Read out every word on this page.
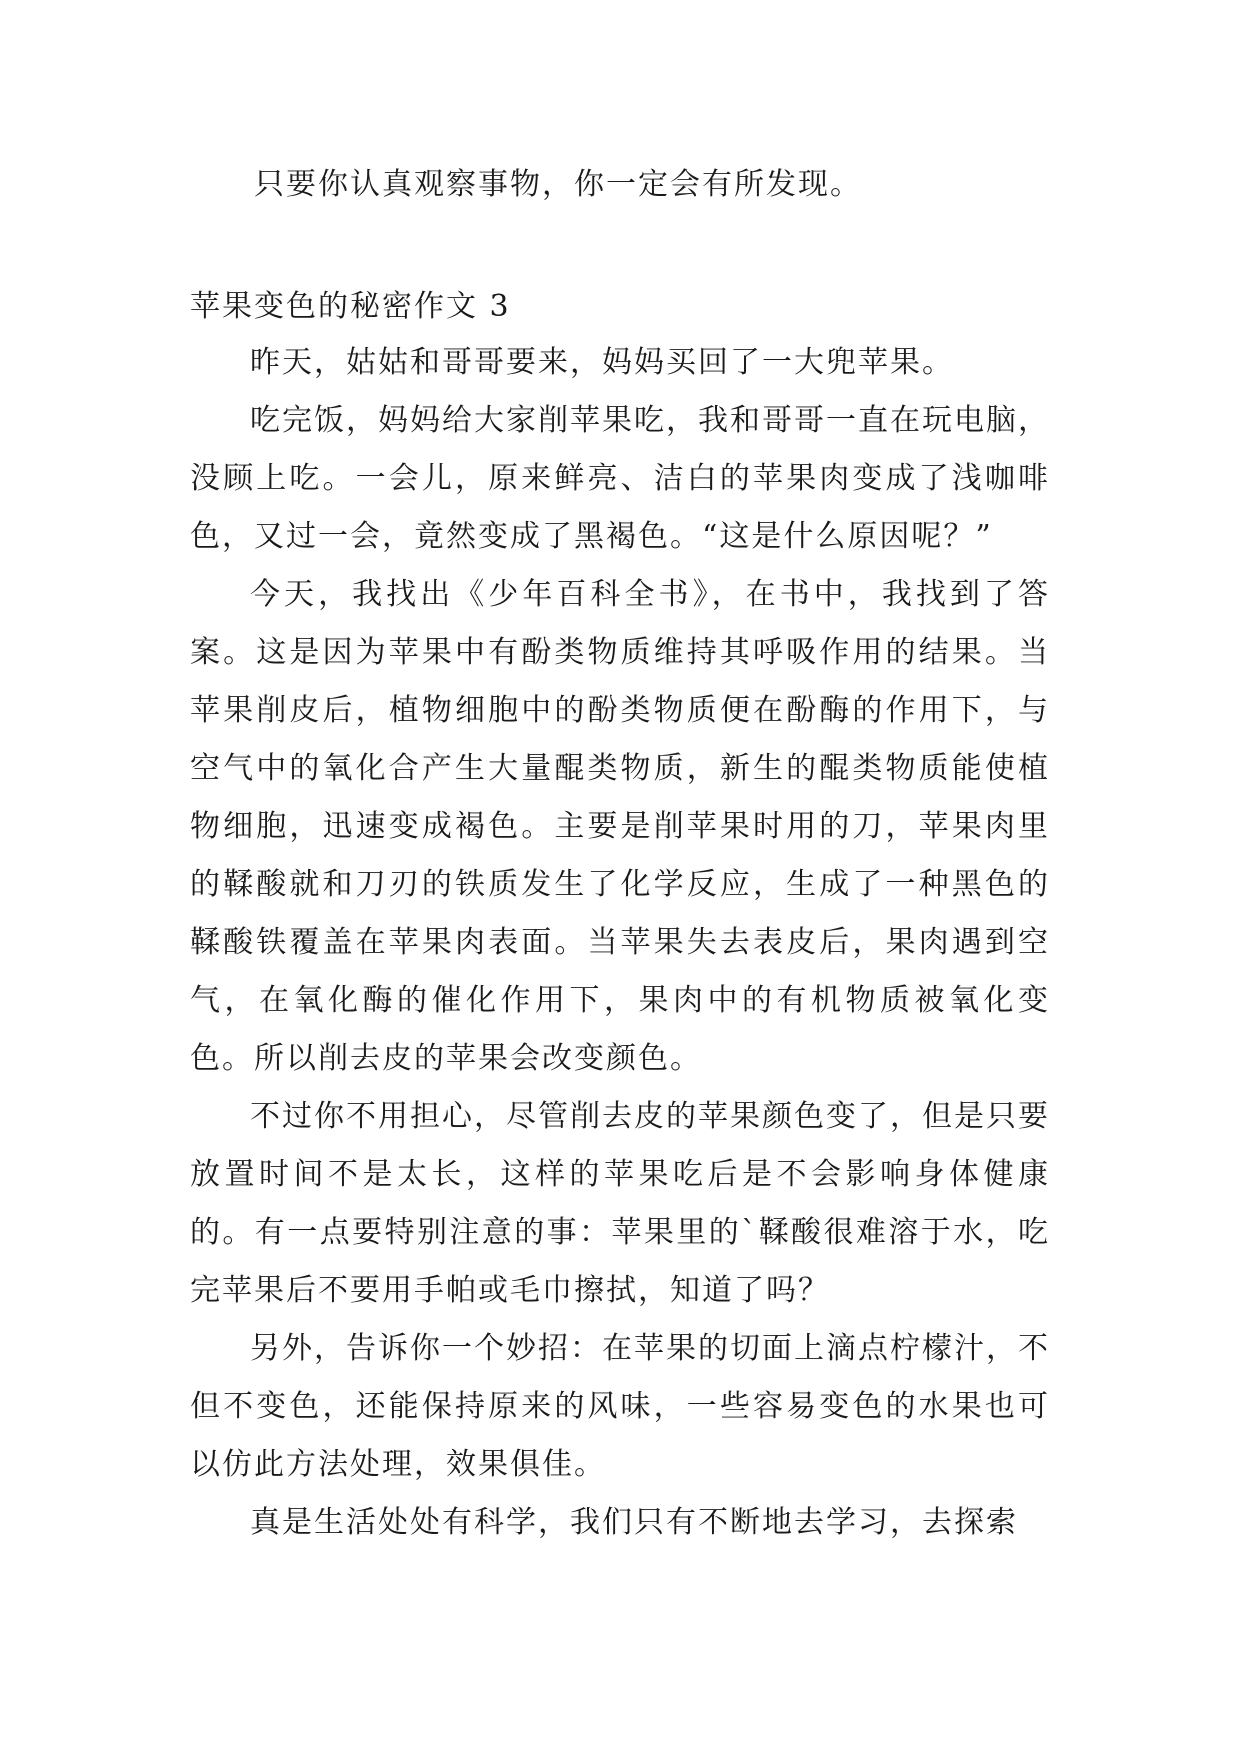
只要你认真观察事物，你一定会有所发现。
苹果变色的秘密作文 3

昨天，姑姑和哥哥要来，妈妈买回了一大兜苹果。

吃完饭，妈妈给大家削苹果吃，我和哥哥一直在玩电脑，没顾上吃。一会儿，原来鲜亮、洁白的苹果肉变成了浅咖啡色，又过一会，竟然变成了黑褐色。“这是什么原因呢？”

今天，我找出《少年百科全书》，在书中，我找到了答案。这是因为苹果中有酚类物质维持其呼吸作用的结果。当苹果削皮后，植物细胞中的酚类物质便在酚酶的作用下，与空气中的氧化合产生大量醌类物质，新生的醌类物质能使植物细胞，迅速变成褐色。主要是削苹果时用的刀，苹果肉里的鞣酸就和刀刃的铁质发生了化学反应，生成了一种黑色的鞣酸铁覆盖在苹果肉表面。当苹果失去表皮后，果肉遇到空气，在氧化酶的催化作用下，果肉中的有机物质被氧化变色。所以削去皮的苹果会改变颜色。

不过你不用担心，尽管削去皮的苹果颜色变了，但是只要放置时间不是太长，这样的苹果吃后是不会影响身体健康的。有一点要特别注意的事：苹果里的`鞣酸很难溶于水，吃完苹果后不要用手帕或毛巾擦拭，知道了吗？

另外，告诉你一个妙招：在苹果的切面上滴点柠檬汁，不但不变色，还能保持原来的风味，一些容易变色的水果也可以仿此方法处理，效果俱佳。

真是生活处处有科学，我们只有不断地去学习，去探索
